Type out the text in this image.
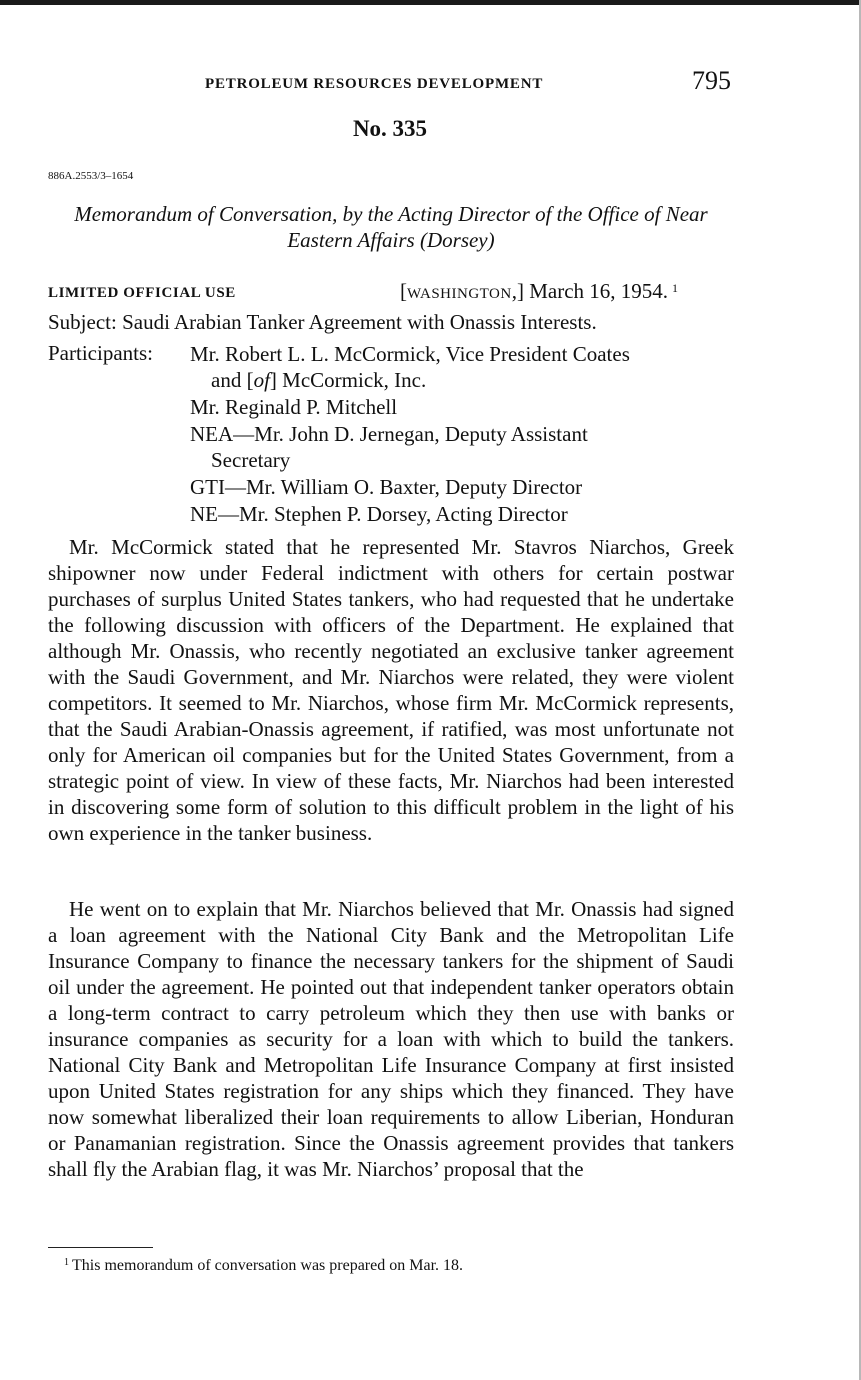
PETROLEUM RESOURCES DEVELOPMENT	795
No. 335
886A.2553/3–1654
Memorandum of Conversation, by the Acting Director of the Office of Near Eastern Affairs (Dorsey)
LIMITED OFFICIAL USE	[WASHINGTON,] March 16, 1954. $^1$
Subject: Saudi Arabian Tanker Agreement with Onassis Interests.
Participants: Mr. Robert L. L. McCormick, Vice President Coates
and [of] McCormick, Inc.
Mr. Reginald P. Mitchell
NEA—Mr. John D. Jernegan, Deputy Assistant
Secretary
GTI—Mr. William O. Baxter, Deputy Director
NE—Mr. Stephen P. Dorsey, Acting Director
Mr. McCormick stated that he represented Mr. Stavros Niarchos, Greek shipowner now under Federal indictment with others for certain postwar purchases of surplus United States tankers, who had requested that he undertake the following discussion with officers of the Department. He explained that although Mr. Onassis, who recently negotiated an exclusive tanker agreement with the Saudi Government, and Mr. Niarchos were related, they were violent competitors. It seemed to Mr. Niarchos, whose firm Mr. McCormick represents, that the Saudi Arabian-Onassis agreement, if ratified, was most unfortunate not only for American oil companies but for the United States Government, from a strategic point of view. In view of these facts, Mr. Niarchos had been interested in discovering some form of solution to this difficult problem in the light of his own experience in the tanker business.
He went on to explain that Mr. Niarchos believed that Mr. Onassis had signed a loan agreement with the National City Bank and the Metropolitan Life Insurance Company to finance the necessary tankers for the shipment of Saudi oil under the agreement. He pointed out that independent tanker operators obtain a long-term contract to carry petroleum which they then use with banks or insurance companies as security for a loan with which to build the tankers. National City Bank and Metropolitan Life Insurance Company at first insisted upon United States registration for any ships which they financed. They have now somewhat liberalized their loan requirements to allow Liberian, Honduran or Panamanian registration. Since the Onassis agreement provides that tankers shall fly the Arabian flag, it was Mr. Niarchos’ proposal that the
$^1$ This memorandum of conversation was prepared on Mar. 18.
